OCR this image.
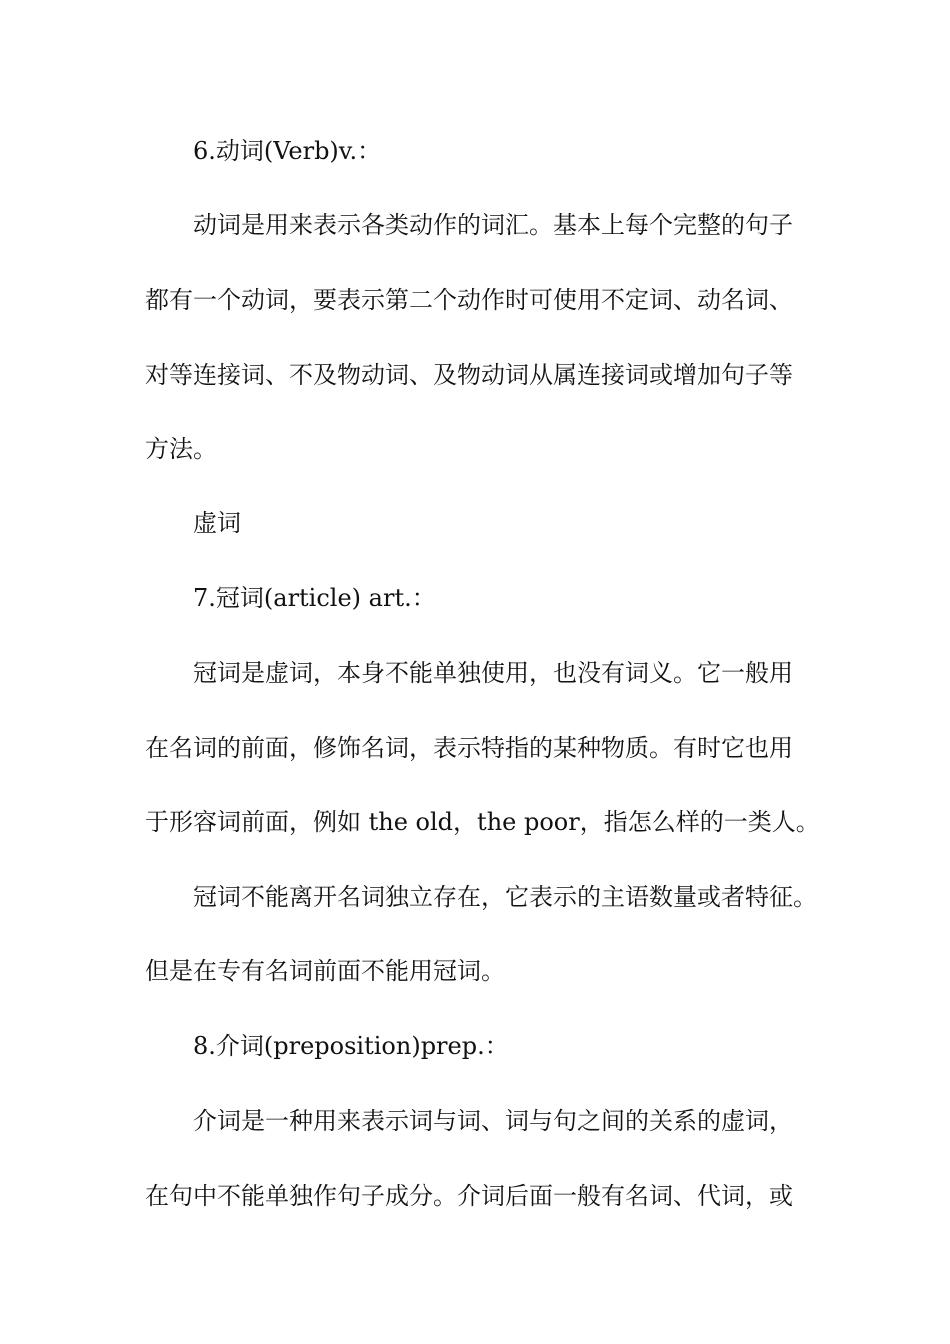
6.动词(Verb)v.：
动词是用来表示各类动作的词汇。基本上每个完整的句子
都有一个动词，要表示第二个动作时可使用不定词、动名词、
对等连接词、不及物动词、及物动词从属连接词或增加句子等
方法。
虚词
7.冠词(article) art.：
冠词是虚词，本身不能单独使用，也没有词义。它一般用
在名词的前面，修饰名词，表示特指的某种物质。有时它也用
于形容词前面，例如 the old，the poor，指怎么样的一类人。
冠词不能离开名词独立存在，它表示的主语数量或者特征。
但是在专有名词前面不能用冠词。
8.介词(preposition)prep.：
介词是一种用来表示词与词、词与句之间的关系的虚词，
在句中不能单独作句子成分。介词后面一般有名词、代词，或
